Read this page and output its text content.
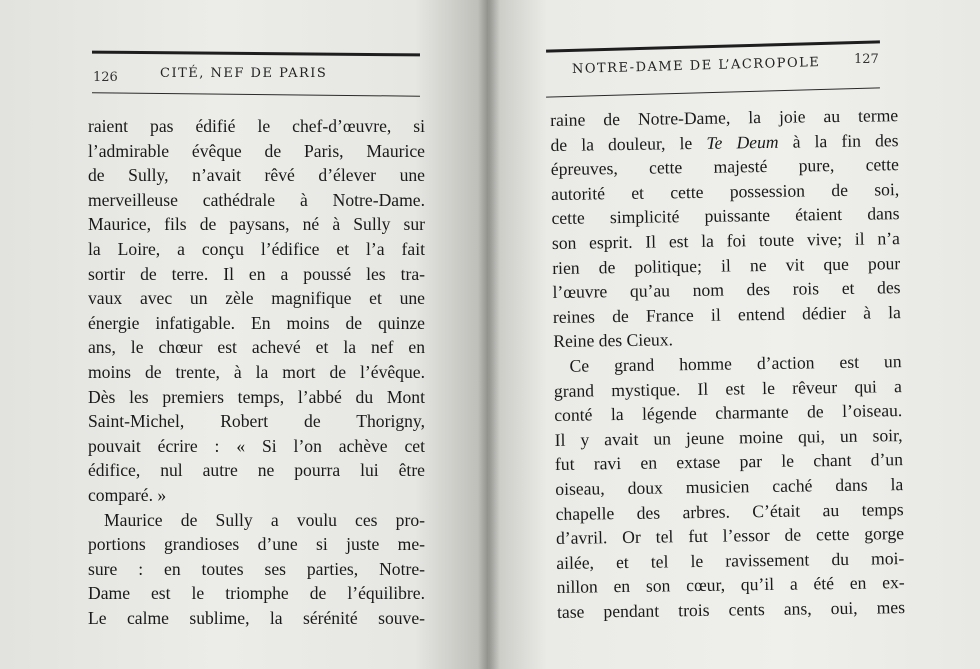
126	CITÉ, NEF DE PARIS
raient pas édifié le chef-d’œuvre, si
l’admirable évêque de Paris, Maurice
de Sully, n’avait rêvé d’élever une
merveilleuse cathédrale à Notre-Dame.
Maurice, fils de paysans, né à Sully sur
la Loire, a conçu l’édifice et l’a fait
sortir de terre. Il en a poussé les tra-
vaux avec un zèle magnifique et une
énergie infatigable. En moins de quinze
ans, le chœur est achevé et la nef en
moins de trente, à la mort de l’évêque.
Dès les premiers temps, l’abbé du Mont
Saint-Michel, Robert de Thorigny,
pouvait écrire : « Si l’on achève cet
édifice, nul autre ne pourra lui être
comparé. »
Maurice de Sully a voulu ces pro-
portions grandioses d’une si juste me-
sure : en toutes ses parties, Notre-
Dame est le triomphe de l’équilibre.
Le calme sublime, la sérénité souve-
NOTRE-DAME DE L’ACROPOLE	127
raine de Notre-Dame, la joie au terme
de la douleur, le Te Deum à la fin des
épreuves, cette majesté pure, cette
autorité et cette possession de soi,
cette simplicité puissante étaient dans
son esprit. Il est la foi toute vive; il n’a
rien de politique; il ne vit que pour
l’œuvre qu’au nom des rois et des
reines de France il entend dédier à la
Reine des Cieux.
Ce grand homme d’action est un
grand mystique. Il est le rêveur qui a
conté la légende charmante de l’oiseau.
Il y avait un jeune moine qui, un soir,
fut ravi en extase par le chant d’un
oiseau, doux musicien caché dans la
chapelle des arbres. C’était au temps
d’avril. Or tel fut l’essor de cette gorge
ailée, et tel le ravissement du moi-
nillon en son cœur, qu’il a été en ex-
tase pendant trois cents ans, oui, mes
